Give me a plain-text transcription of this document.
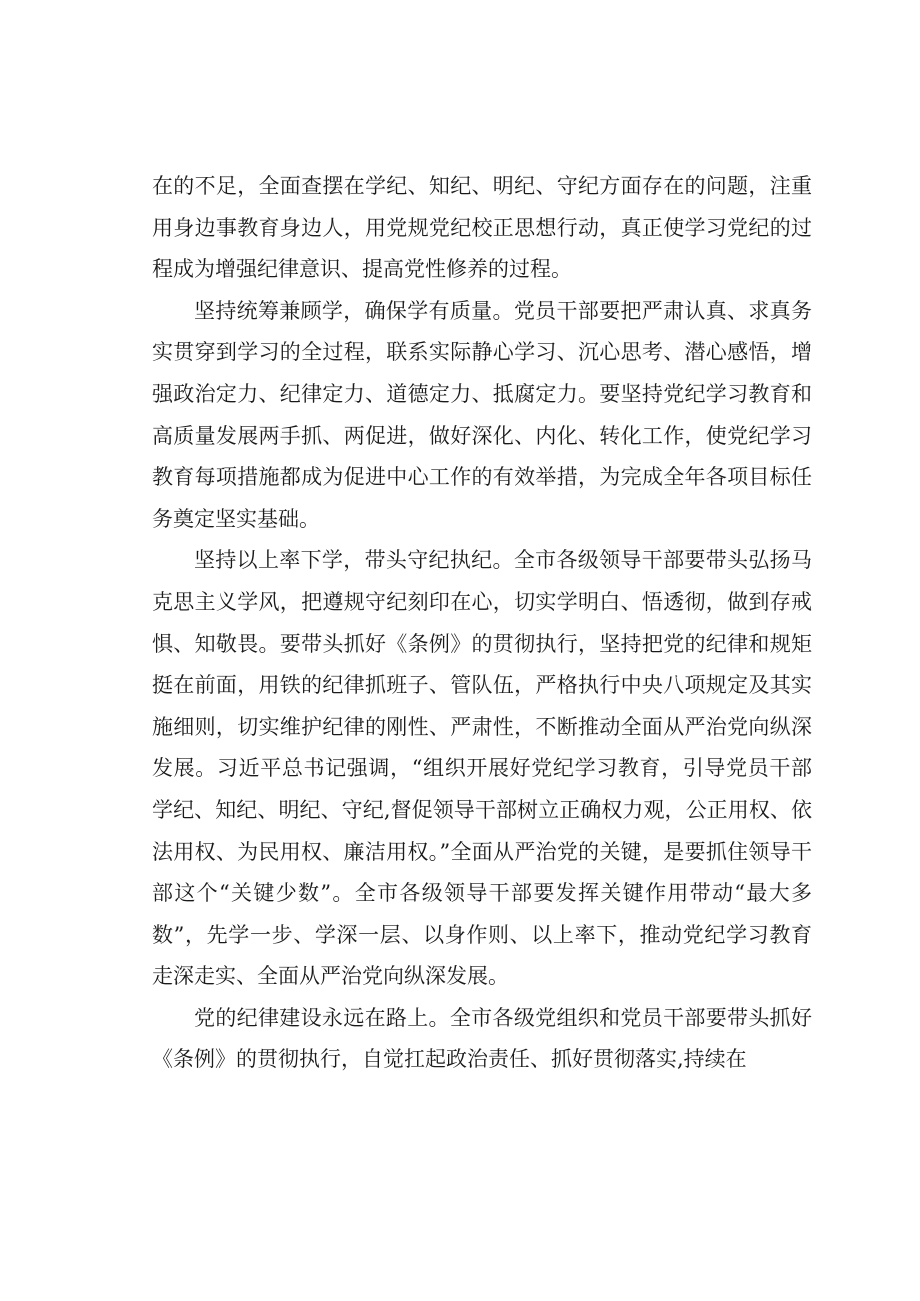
在的不足，全面查摆在学纪、知纪、明纪、守纪方面存在的问题，注重用身边事教育身边人，用党规党纪校正思想行动，真正使学习党纪的过程成为增强纪律意识、提高党性修养的过程。

坚持统筹兼顾学，确保学有质量。党员干部要把严肃认真、求真务实贯穿到学习的全过程，联系实际静心学习、沉心思考、潜心感悟，增强政治定力、纪律定力、道德定力、抵腐定力。要坚持党纪学习教育和高质量发展两手抓、两促进，做好深化、内化、转化工作，使党纪学习教育每项措施都成为促进中心工作的有效举措，为完成全年各项目标任务奠定坚实基础。

坚持以上率下学，带头守纪执纪。全市各级领导干部要带头弘扬马克思主义学风，把遵规守纪刻印在心，切实学明白、悟透彻，做到存戒惧、知敬畏。要带头抓好《条例》的贯彻执行，坚持把党的纪律和规矩挺在前面，用铁的纪律抓班子、管队伍，严格执行中央八项规定及其实施细则，切实维护纪律的刚性、严肃性，不断推动全面从严治党向纵深发展。习近平总书记强调，“组织开展好党纪学习教育，引导党员干部学纪、知纪、明纪、守纪,督促领导干部树立正确权力观，公正用权、依法用权、为民用权、廉洁用权。”全面从严治党的关键，是要抓住领导干部这个“关键少数”。全市各级领导干部要发挥关键作用带动“最大多数”，先学一步、学深一层、以身作则、以上率下，推动党纪学习教育走深走实、全面从严治党向纵深发展。

党的纪律建设永远在路上。全市各级党组织和党员干部要带头抓好《条例》的贯彻执行，自觉扛起政治责任、抓好贯彻落实,持续在
